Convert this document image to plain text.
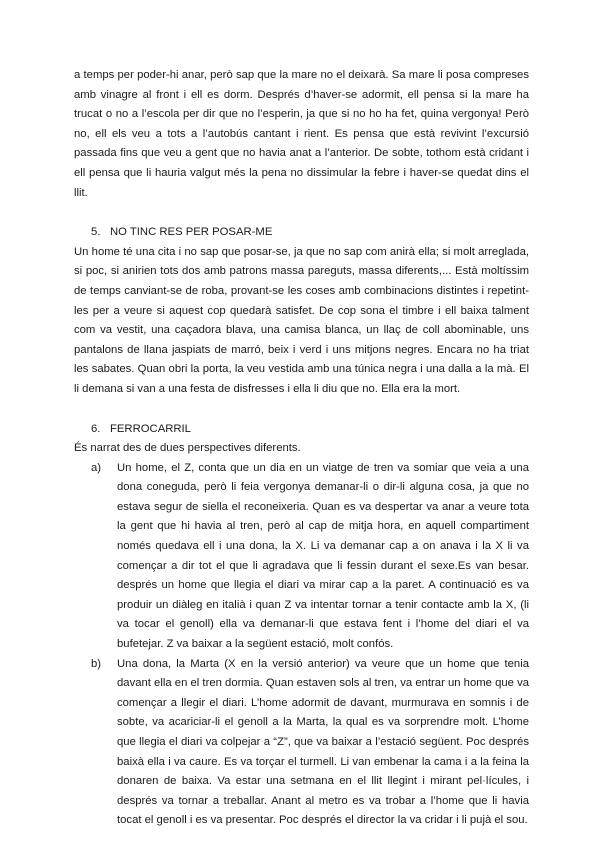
a temps per poder-hi anar, però sap que la mare no el deixarà. Sa mare li posa compreses amb vinagre al front i ell es dorm. Després d’haver-se adormit, ell pensa si la mare ha trucat o no a l’escola per dir que no l’esperin, ja que si no ho ha fet, quina vergonya! Però no, ell els veu a tots a l’autobús cantant i rient. Es pensa que està revivint l’excursió passada fins que veu a gent que no havia anat a l’anterior. De sobte, tothom està cridant i ell pensa que li hauria valgut més la pena no dissimular la febre i haver-se quedat dins el llit.

5. NO TINC RES PER POSAR-ME

Un home té una cita i no sap que posar-se, ja que no sap com anirà ella; si molt arreglada, si poc, si anirien tots dos amb patrons massa pareguts, massa diferents,... Està moltíssim de temps canviant-se de roba, provant-se les coses amb combinacions distintes i repetint-les per a veure si aquest cop quedarà satisfet. De cop sona el timbre i ell baixa talment com va vestit, una caçadora blava, una camisa blanca, un llaç de coll abominable, uns pantalons de llana jaspiats de marró, beix i verd i uns mitjons negres. Encara no ha triat les sabates. Quan obri la porta, la veu vestida amb una túnica negra i una dalla a la mà. El li demana si van a una festa de disfresses i ella li diu que no. Ella era la mort.

6. FERROCARRIL

És narrat des de dues perspectives diferents.

a) Un home, el Z, conta que un dia en un viatge de tren va somiar que veia a una dona coneguda, però li feia vergonya demanar-li o dir-li alguna cosa, ja que no estava segur de siella el reconeixeria. Quan es va despertar va anar a veure tota la gent que hi havia al tren, però al cap de mitja hora, en aquell compartiment només quedava ell i una dona, la X. Li va demanar cap a on anava i la X li va començar a dir tot el que li agradava que li fessin durant el sexe.Es van besar. després un home que llegia el diari va mirar cap a la paret. A continuació es va produir un diàleg en italià i quan Z va intentar tornar a tenir contacte amb la X, (li va tocar el genoll) ella va demanar-li que estava fent i l’home del diari el va bufetejar. Z va baixar a la següent estació, molt confós.
b) Una dona, la Marta (X en la versió anterior) va veure que un home que tenia davant ella en el tren dormia. Quan estaven sols al tren, va entrar un home que va començar a llegir el diari. L’home adormit de davant, murmurava en somnis i de sobte, va acariciar-li el genoll a la Marta, la qual es va sorprendre molt. L’home que llegia el diari va colpejar a “Z”, que va baixar a l’estació següent. Poc després baixà ella i va caure. Es va torçar el turmell. Li van embenar la cama i a la feina la donaren de baixa. Va estar una setmana en el llit llegint i mirant pel·lícules, i després va tornar a treballar. Anant al metro es va trobar a l’home que li havia tocat el genoll i es va presentar. Poc després el director la va cridar i li pujà el sou.
